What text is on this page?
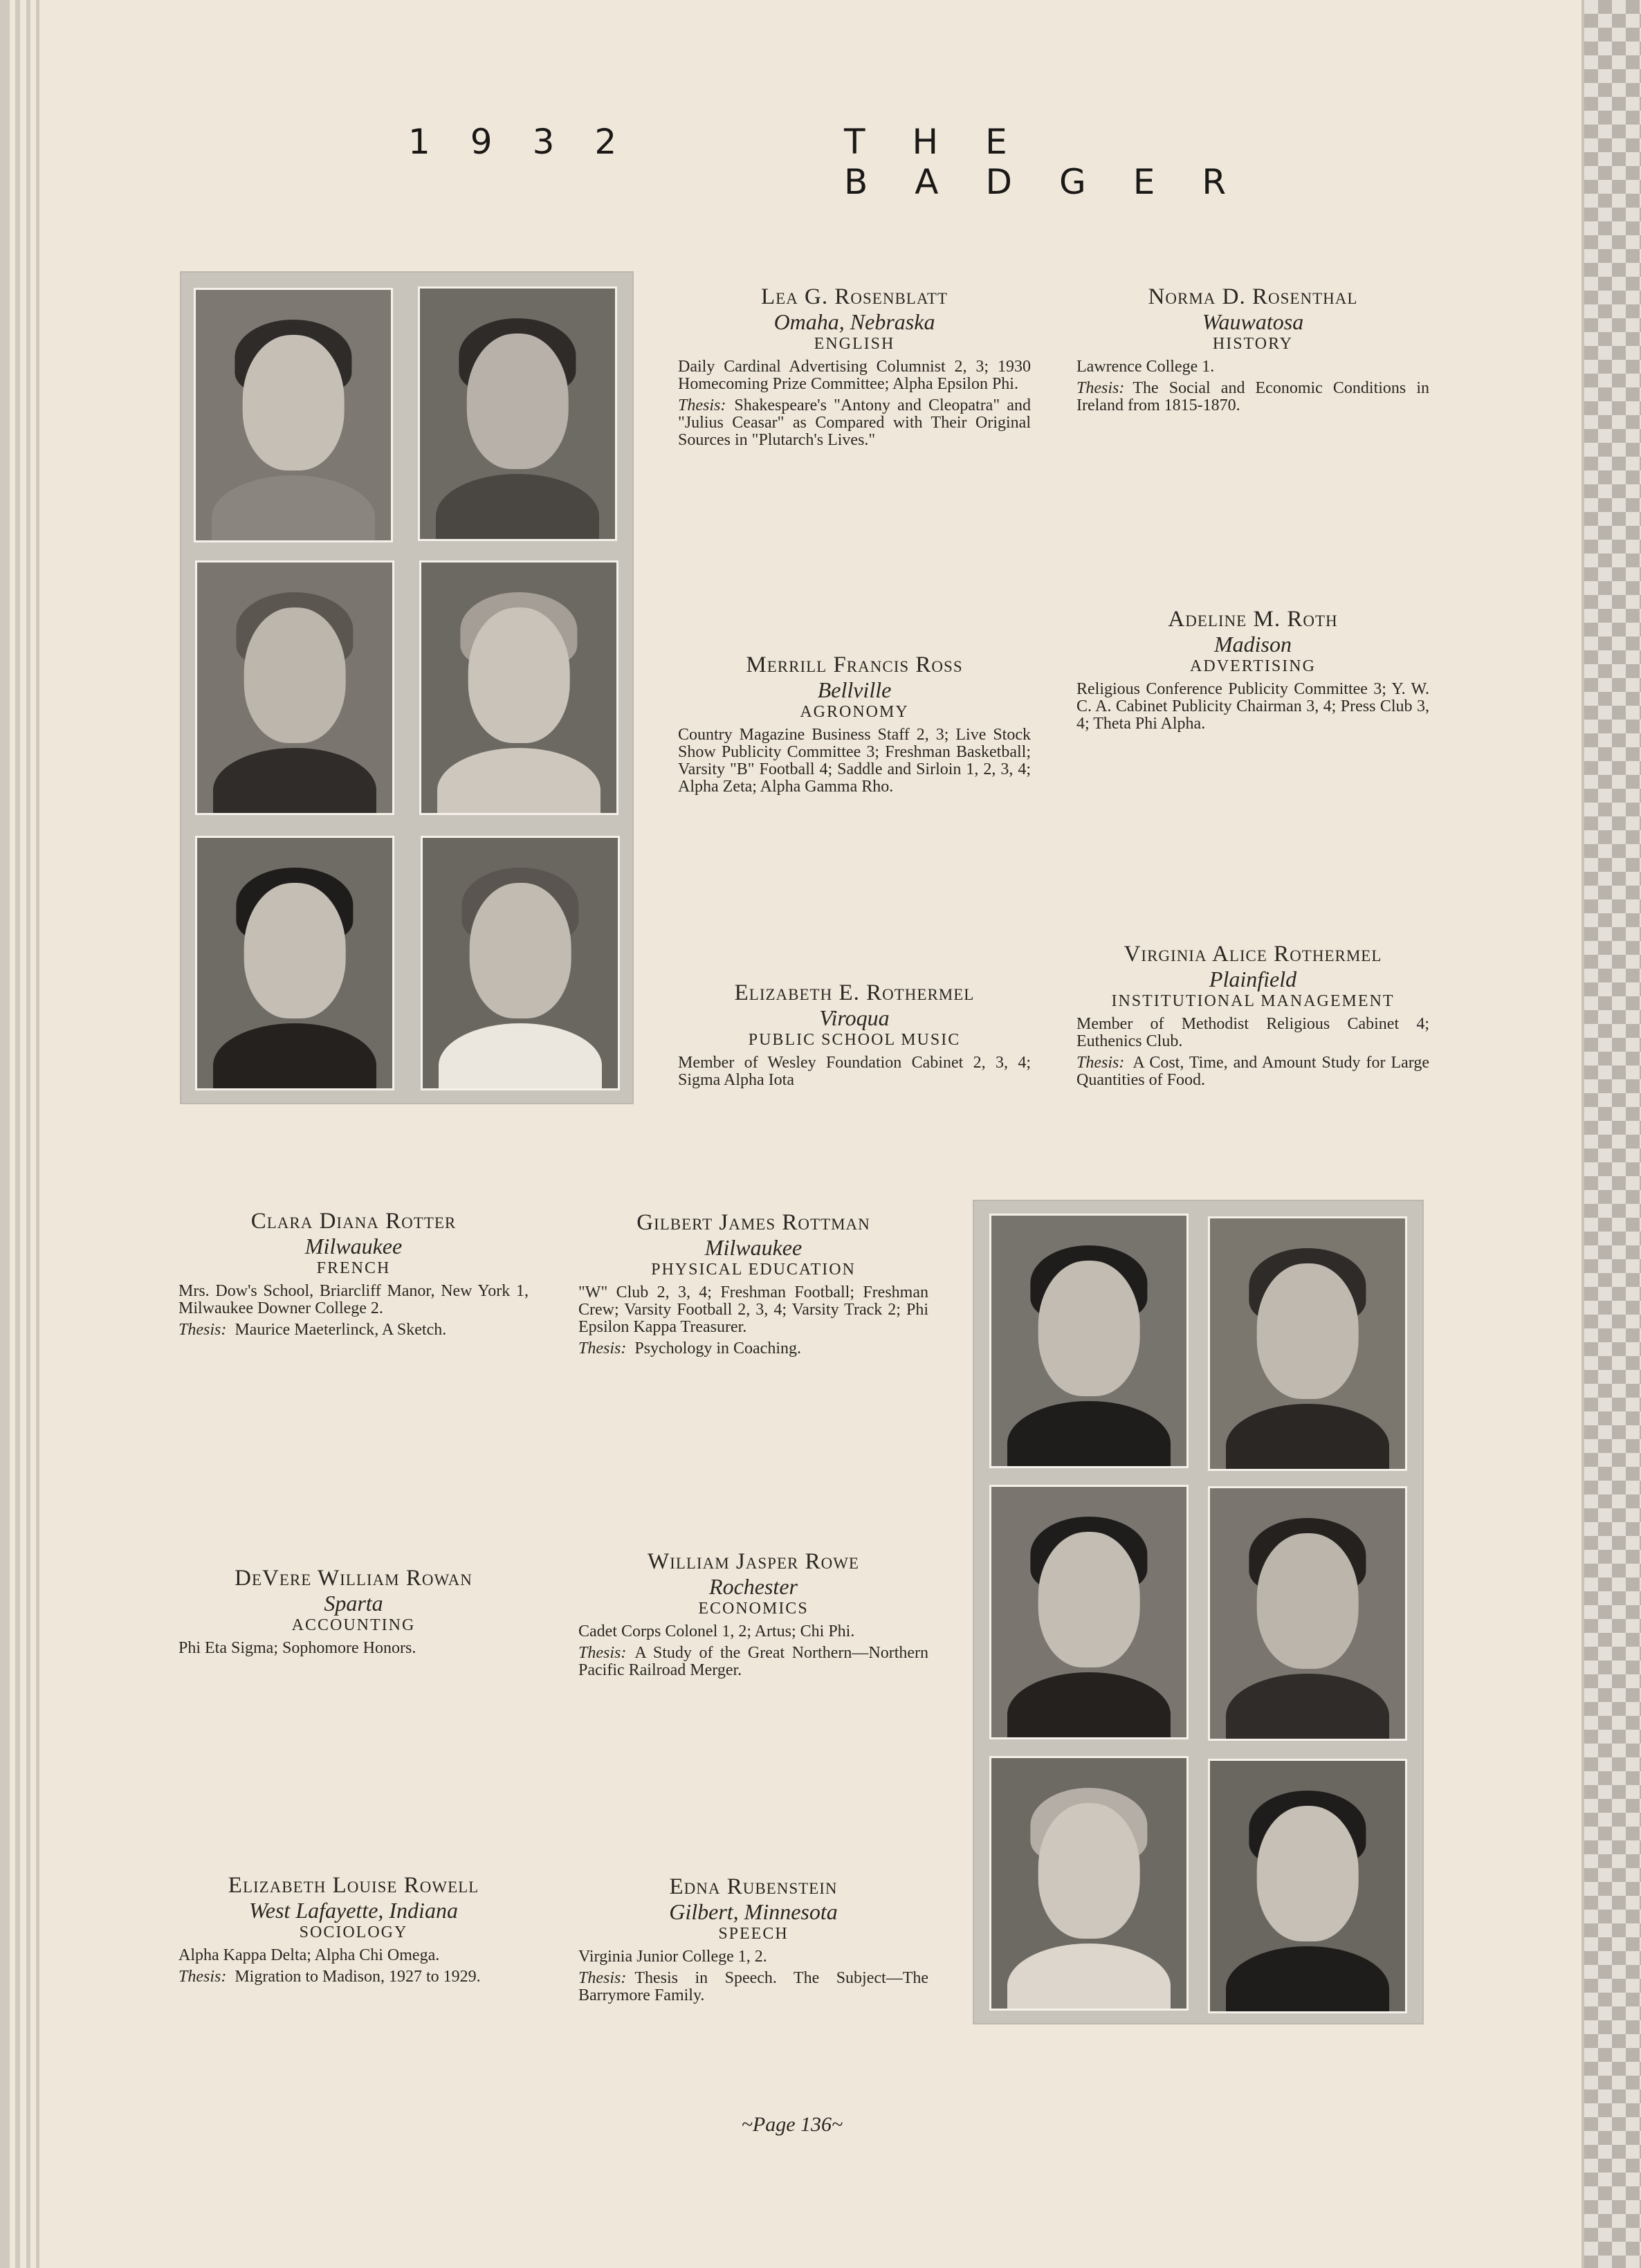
1932	THE BADGER
Lea G. Rosenblatt
Omaha, Nebraska
ENGLISH
Daily Cardinal Advertising Columnist 2, 3; 1930 Homecoming Prize Committee; Alpha Epsilon Phi.
Thesis: Shakespeare's "Antony and Cleopatra" and "Julius Ceasar" as Compared with Their Original Sources in "Plutarch's Lives."
Norma D. Rosenthal
Wauwatosa
HISTORY
Lawrence College 1.
Thesis: The Social and Economic Conditions in Ireland from 1815-1870.
Merrill Francis Ross
Bellville
AGRONOMY
Country Magazine Business Staff 2, 3; Live Stock Show Publicity Committee 3; Freshman Basketball; Varsity "B" Football 4; Saddle and Sirloin 1, 2, 3, 4; Alpha Zeta; Alpha Gamma Rho.
Adeline M. Roth
Madison
ADVERTISING
Religious Conference Publicity Committee 3; Y. W. C. A. Cabinet Publicity Chairman 3, 4; Press Club 3, 4; Theta Phi Alpha.
Elizabeth E. Rothermel
Viroqua
PUBLIC SCHOOL MUSIC
Member of Wesley Foundation Cabinet 2, 3, 4; Sigma Alpha Iota
Virginia Alice Rothermel
Plainfield
INSTITUTIONAL MANAGEMENT
Member of Methodist Religious Cabinet 4; Euthenics Club.
Thesis: A Cost, Time, and Amount Study for Large Quantities of Food.
Clara Diana Rotter
Milwaukee
FRENCH
Mrs. Dow's School, Briarcliff Manor, New York 1, Milwaukee Downer College 2.
Thesis: Maurice Maeterlinck, A Sketch.
Gilbert James Rottman
Milwaukee
PHYSICAL EDUCATION
"W" Club 2, 3, 4; Freshman Football; Freshman Crew; Varsity Football 2, 3, 4; Varsity Track 2; Phi Epsilon Kappa Treasurer.
Thesis: Psychology in Coaching.
DeVere William Rowan
Sparta
ACCOUNTING
Phi Eta Sigma; Sophomore Honors.
William Jasper Rowe
Rochester
ECONOMICS
Cadet Corps Colonel 1, 2; Artus; Chi Phi.
Thesis: A Study of the Great Northern—Northern Pacific Railroad Merger.
Elizabeth Louise Rowell
West Lafayette, Indiana
SOCIOLOGY
Alpha Kappa Delta; Alpha Chi Omega.
Thesis: Migration to Madison, 1927 to 1929.
Edna Rubenstein
Gilbert, Minnesota
SPEECH
Virginia Junior College 1, 2.
Thesis: Thesis in Speech. The Subject—The Barrymore Family.
~Page 136~
